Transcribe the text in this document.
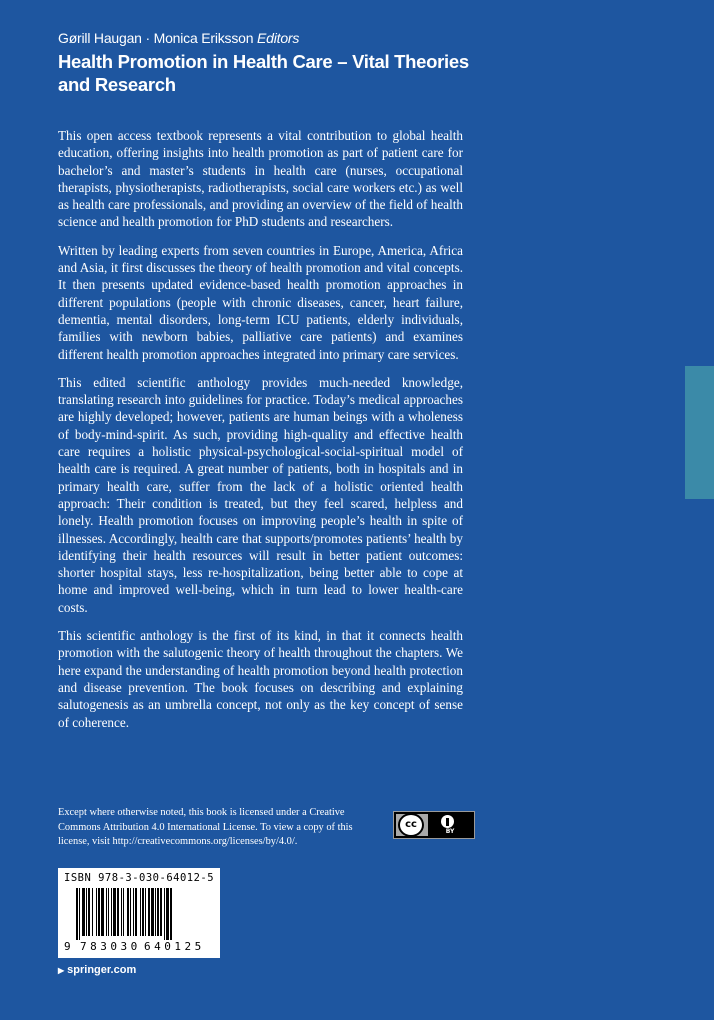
Gørill Haugan · Monica Eriksson Editors
Health Promotion in Health Care – Vital Theories and Research

This open access textbook represents a vital contribution to global health education, offering insights into health promotion as part of patient care for bachelor’s and master’s students in health care (nurses, occupational therapists, physiotherapists, radiotherapists, social care workers etc.) as well as health care professionals, and providing an overview of the field of health science and health promotion for PhD students and researchers.

Written by leading experts from seven countries in Europe, America, Africa and Asia, it first discusses the theory of health promotion and vital concepts. It then presents updated evidence-based health promotion approaches in different populations (people with chronic diseases, cancer, heart failure, dementia, mental disorders, long-term ICU patients, elderly individuals, families with newborn babies, palliative care patients) and examines different health promotion approaches integrated into primary care services.

This edited scientific anthology provides much-needed knowledge, translating research into guidelines for practice. Today’s medical approaches are highly developed; however, patients are human beings with a wholeness of body-mind-spirit. As such, providing high-quality and effective health care requires a holistic physical-psychological-social-spiritual model of health care is required. A great number of patients, both in hospitals and in primary health care, suffer from the lack of a holistic oriented health approach: Their condition is treated, but they feel scared, helpless and lonely. Health promotion focuses on improving people’s health in spite of illnesses. Accordingly, health care that supports/promotes patients’ health by identifying their health resources will result in better patient outcomes: shorter hospital stays, less re-hospitalization, being better able to cope at home and improved well-being, which in turn lead to lower health-care costs.

This scientific anthology is the first of its kind, in that it connects health promotion with the salutogenic theory of health throughout the chapters. We here expand the understanding of health promotion beyond health protection and disease prevention. The book focuses on describing and explaining salutogenesis as an umbrella concept, not only as the key concept of sense of coherence.

Except where otherwise noted, this book is licensed under a Creative Commons Attribution 4.0 International License. To view a copy of this license, visit http://creativecommons.org/licenses/by/4.0/.
cc
BY
ISBN 978-3-030-64012-5
9 783030 640125
▶ springer.com
